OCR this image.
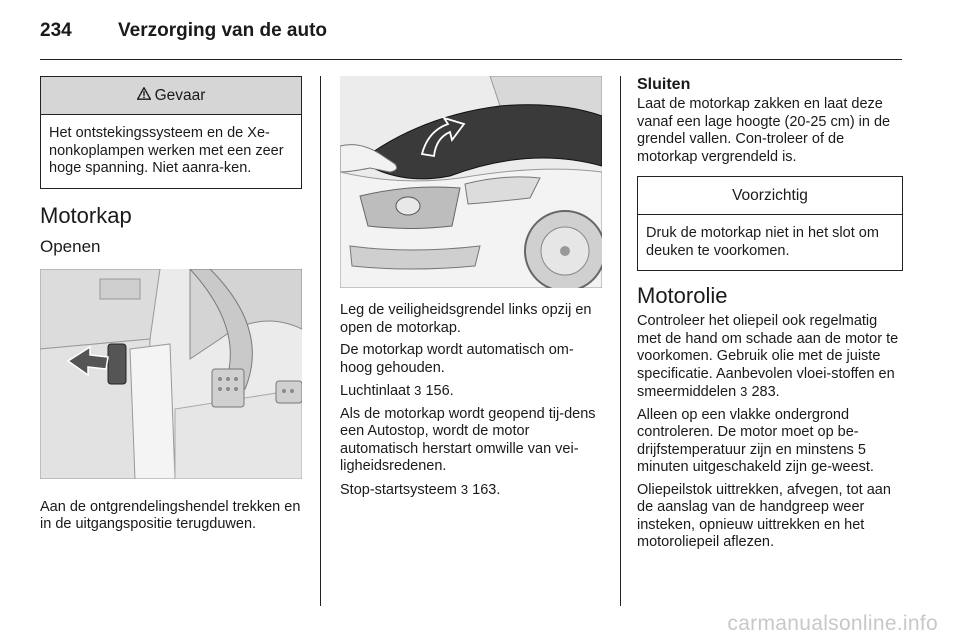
234	Verzorging van de auto
Gevaar
Het ontstekingssysteem en de Xe-nonkoplampen werken met een zeer hoge spanning. Niet aanra-ken.
Motorkap
Openen

Aan de ontgrendelingshendel trekken en in de uitgangspositie terugduwen.

Leg de veiligheidsgrendel links opzij en open de motorkap.

De motorkap wordt automatisch om-hoog gehouden.

Luchtinlaat 3 156.

Als de motorkap wordt geopend tij-dens een Autostop, wordt de motor automatisch herstart omwille van vei-ligheidsredenen.

Stop-startsysteem 3 163.

Sluiten

Laat de motorkap zakken en laat deze vanaf een lage hoogte (20-25 cm) in de grendel vallen. Con-troleer of de motorkap vergrendeld is.

Voorzichtig
Druk de motorkap niet in het slot om deuken te voorkomen.
Motorolie

Controleer het oliepeil ook regelmatig met de hand om schade aan de motor te voorkomen. Gebruik olie met de juiste specificatie. Aanbevolen vloei-stoffen en smeermiddelen 3 283.

Alleen op een vlakke ondergrond controleren. De motor moet op be-drijfstemperatuur zijn en minstens 5 minuten uitgeschakeld zijn ge-weest.

Oliepeilstok uittrekken, afvegen, tot aan de aanslag van de handgreep weer insteken, opnieuw uittrekken en het motoroliepeil aflezen.

carmanualsonline.info
